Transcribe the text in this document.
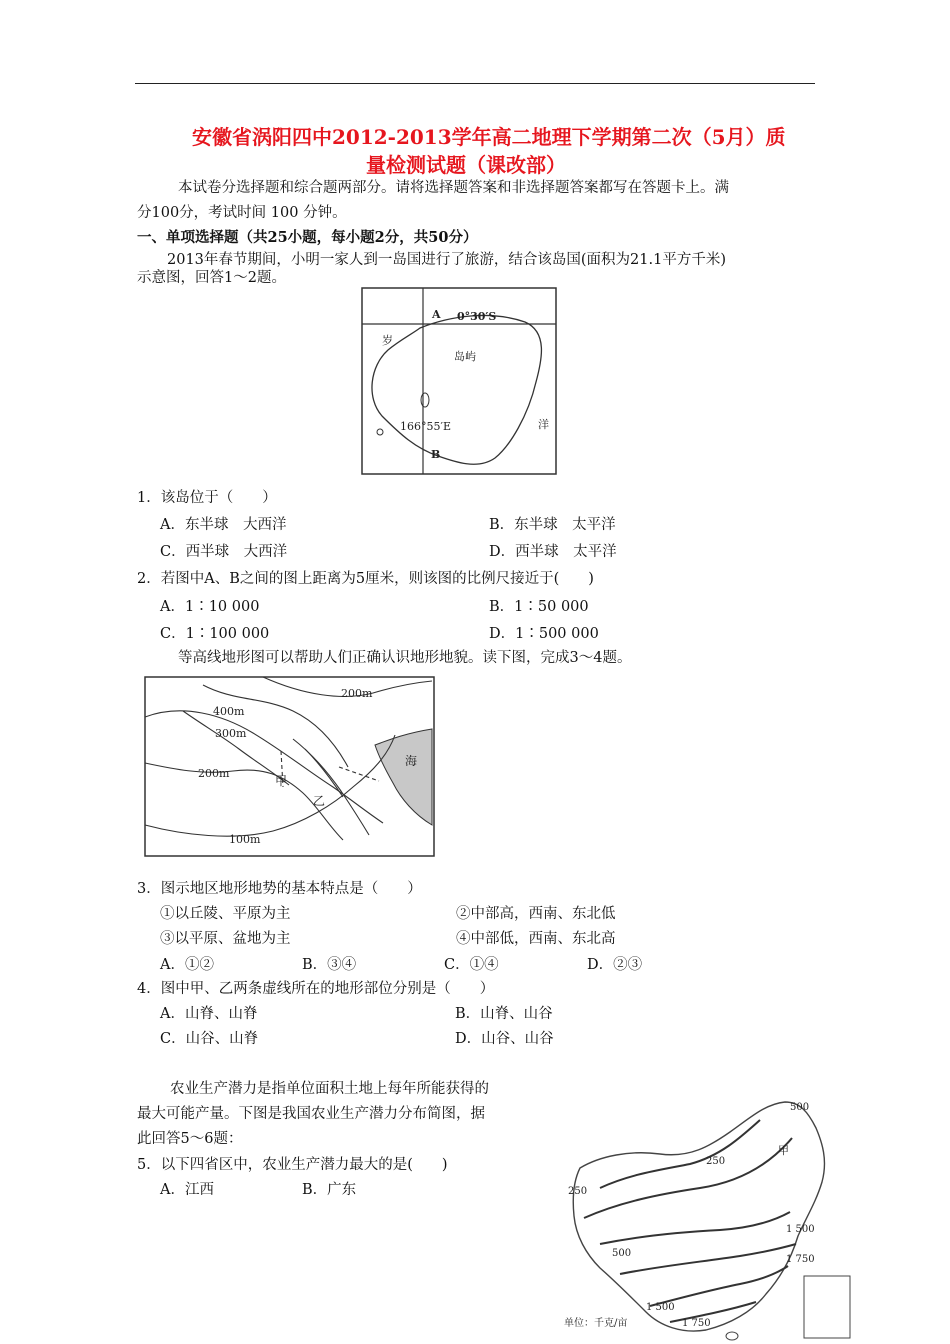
安徽省涡阳四中2012-2013学年高二地理下学期第二次（5月）质
量检测试题（课改部）
本试卷分选择题和综合题两部分。请将选择题答案和非选择题答案都写在答题卡上。满
分100分，考试时间 100 分钟。
一、单项选择题（共25小题，每小题2分，共50分）
2013年春节期间，小明一家人到一岛国进行了旅游，结合该岛国(面积为21.1平方千米)
示意图，回答1～2题。
A 0°30′S
岛屿
岁
洋
166°55′E
B
1．该岛位于（　　）
A．东半球　大西洋	B．东半球　太平洋
C．西半球　大西洋	D．西半球　太平洋
2．若图中A、B之间的图上距离为5厘米，则该图的比例尺接近于(　　)
A．1∶10 000	B．1∶50 000
C．1∶100 000	D．1∶500 000
等高线地形图可以帮助人们正确认识地形地貌。读下图，完成3～4题。
200m
400m
300m
200m
100m
甲
乙
海
3．图示地区地形地势的基本特点是（　　）
①以丘陵、平原为主	②中部高，西南、东北低
③以平原、盆地为主	④中部低，西南、东北高
A．①②	B．③④	C．①④	D．②③
4．图中甲、乙两条虚线所在的地形部位分别是（　　）
A．山脊、山脊	B．山脊、山谷
C．山谷、山脊	D．山谷、山谷
农业生产潜力是指单位面积土地上每年所能获得的
最大可能产量。下图是我国农业生产潜力分布简图，据
此回答5～6题：
5．以下四省区中，农业生产潜力最大的是(　　)
A．江西	B．广东
500
甲
250
250
1 500
500
1 750
1 500
1 750
单位：千克/亩
